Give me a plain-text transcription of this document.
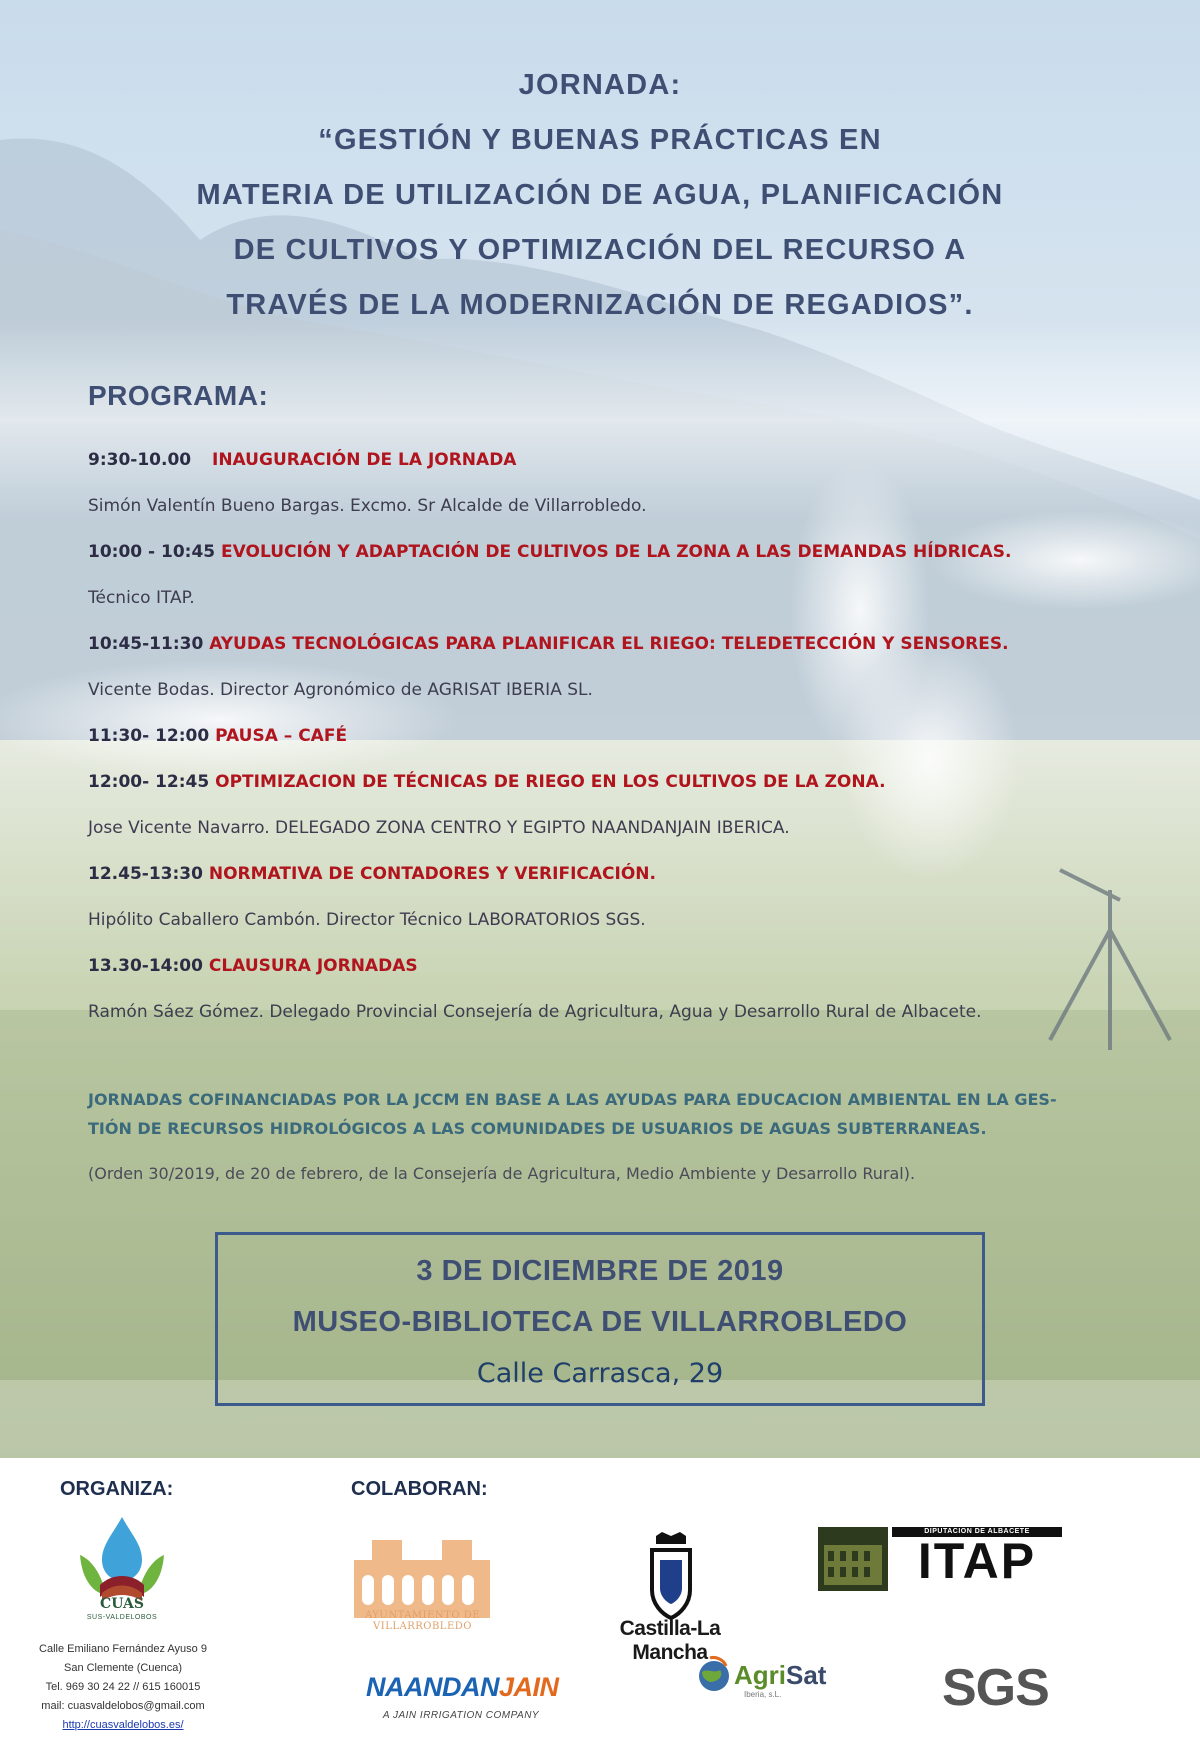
JORNADA:
“GESTIÓN Y BUENAS PRÁCTICAS EN
MATERIA DE UTILIZACIÓN DE AGUA, PLANIFICACIÓN
DE CULTIVOS Y OPTIMIZACIÓN DEL RECURSO A
TRAVÉS DE LA MODERNIZACIÓN DE REGADIOS”.
PROGRAMA:
9:30-10.00 INAUGURACIÓN DE LA JORNADA
Simón Valentín Bueno Bargas. Excmo. Sr Alcalde de Villarrobledo.
10:00 - 10:45 EVOLUCIÓN Y ADAPTACIÓN DE CULTIVOS DE LA ZONA A LAS DEMANDAS HÍDRICAS.
Técnico ITAP.
10:45-11:30 AYUDAS TECNOLÓGICAS PARA PLANIFICAR EL RIEGO: TELEDETECCIÓN Y SENSORES.
Vicente Bodas. Director Agronómico de AGRISAT IBERIA SL.
11:30- 12:00 PAUSA – CAFÉ
12:00- 12:45 OPTIMIZACION DE TÉCNICAS DE RIEGO EN LOS CULTIVOS DE LA ZONA.
Jose Vicente Navarro. DELEGADO ZONA CENTRO Y EGIPTO NAANDANJAIN IBERICA.
12.45-13:30 NORMATIVA DE CONTADORES Y VERIFICACIÓN.
Hipólito Caballero Cambón. Director Técnico LABORATORIOS SGS.
13.30-14:00 CLAUSURA JORNADAS
Ramón Sáez Gómez. Delegado Provincial Consejería de Agricultura, Agua y Desarrollo Rural de Albacete.
JORNADAS COFINANCIADAS POR LA JCCM EN BASE A LAS AYUDAS PARA EDUCACION AMBIENTAL EN LA GES-
TIÓN DE RECURSOS HIDROLÓGICOS A LAS COMUNIDADES DE USUARIOS DE AGUAS SUBTERRANEAS.
(Orden 30/2019, de 20 de febrero, de la Consejería de Agricultura, Medio Ambiente y Desarrollo Rural).
3 DE DICIEMBRE DE 2019
MUSEO-BIBLIOTECA DE VILLARROBLEDO
Calle Carrasca, 29
ORGANIZA:	COLABORAN:
CUAS
SUS-VALDELOBOS
Calle Emiliano Fernández Ayuso 9
San Clemente (Cuenca)
Tel. 969 30 24 22 // 615 160015
mail: cuasvaldelobos@gmail.com
http://cuasvaldelobos.es/
AYUNTAMIENTO DE VILLARROBLEDO	Castilla-La Mancha
DIPUTACION DE ALBACETE
ITAP
NAANDANJAIN
A JAIN IRRIGATION COMPANY
AgriSat
Iberia, s.L.	SGS
